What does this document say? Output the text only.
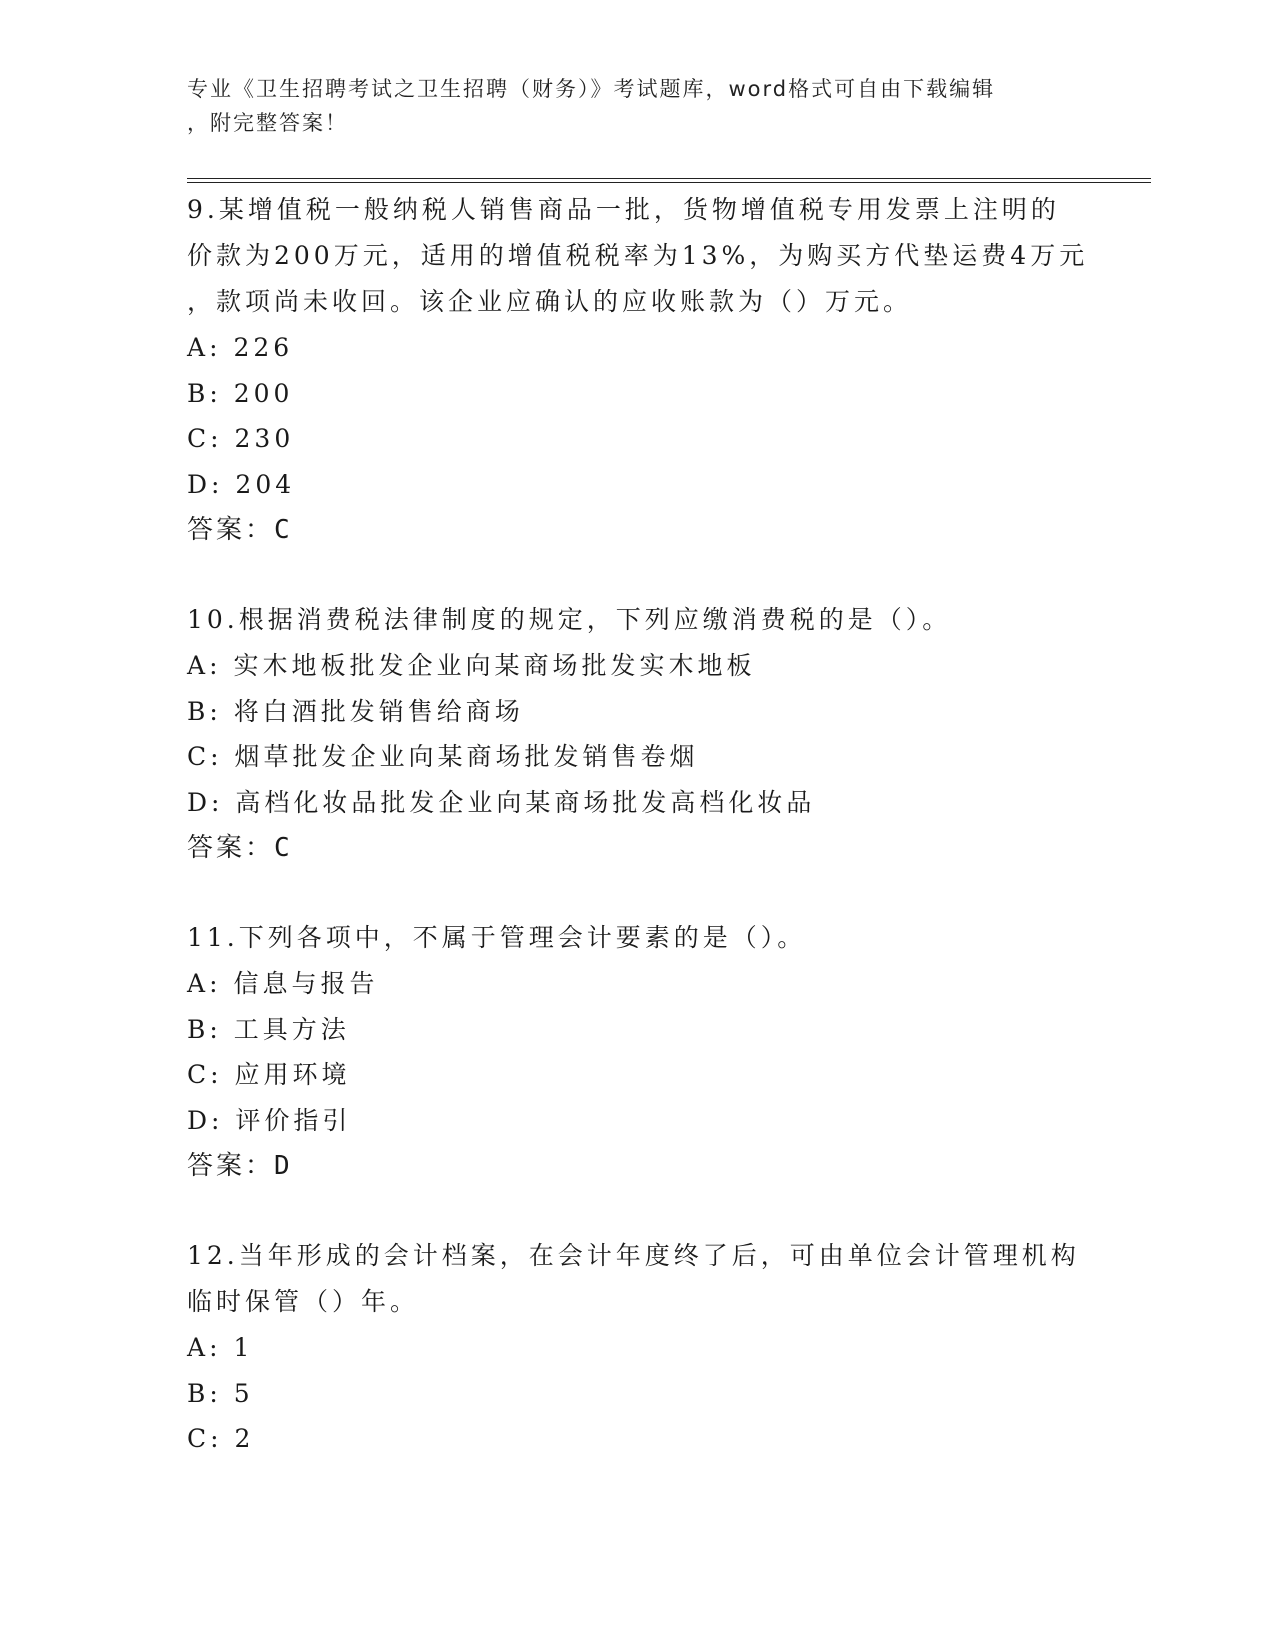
专业《卫生招聘考试之卫生招聘（财务）》考试题库，word格式可自由下载编辑
，附完整答案！
9.某增值税一般纳税人销售商品一批，货物增值税专用发票上注明的
价款为200万元，适用的增值税税率为13%，为购买方代垫运费4万元
，款项尚未收回。该企业应确认的应收账款为（）万元。
A: 226
B: 200
C: 230
D: 204
答案：C
10.根据消费税法律制度的规定，下列应缴消费税的是（）。
A: 实木地板批发企业向某商场批发实木地板
B: 将白酒批发销售给商场
C: 烟草批发企业向某商场批发销售卷烟
D: 高档化妆品批发企业向某商场批发高档化妆品
答案：C
11.下列各项中，不属于管理会计要素的是（）。
A: 信息与报告
B: 工具方法
C: 应用环境
D: 评价指引
答案：D
12.当年形成的会计档案，在会计年度终了后，可由单位会计管理机构
临时保管（）年。
A: 1
B: 5
C: 2
